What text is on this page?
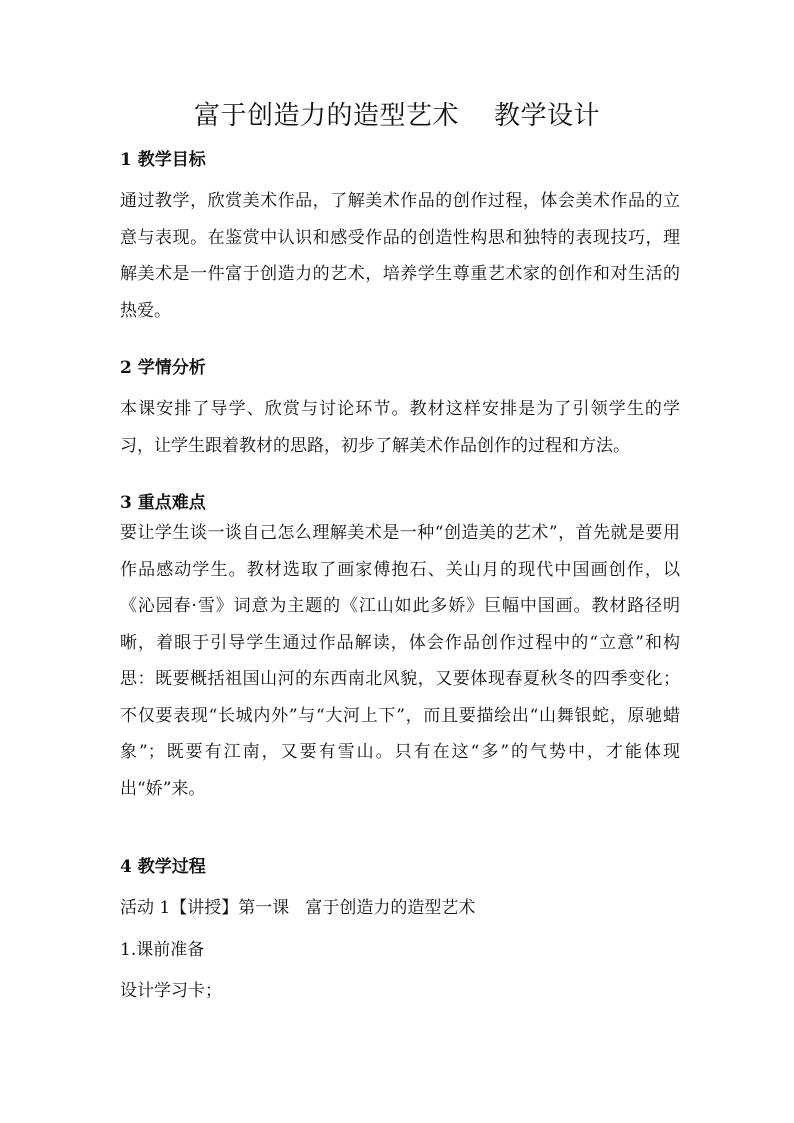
富于创造力的造型艺术    教学设计
1 教学目标
通过教学，欣赏美术作品，了解美术作品的创作过程，体会美术作品的立意与表现。在鉴赏中认识和感受作品的创造性构思和独特的表现技巧，理解美术是一件富于创造力的艺术，培养学生尊重艺术家的创作和对生活的热爱。
2 学情分析
本课安排了导学、欣赏与讨论环节。教材这样安排是为了引领学生的学习，让学生跟着教材的思路，初步了解美术作品创作的过程和方法。
3 重点难点
要让学生谈一谈自己怎么理解美术是一种“创造美的艺术”，首先就是要用作品感动学生。教材选取了画家傅抱石、关山月的现代中国画创作，以《沁园春·雪》词意为主题的《江山如此多娇》巨幅中国画。教材路径明晰，着眼于引导学生通过作品解读，体会作品创作过程中的“立意”和构思：既要概括祖国山河的东西南北风貌，又要体现春夏秋冬的四季变化；不仅要表现“长城内外”与“大河上下”，而且要描绘出“山舞银蛇，原驰蜡象”；既要有江南，又要有雪山。只有在这“多”的气势中，才能体现出“娇”来。
4 教学过程
活动 1【讲授】第一课   富于创造力的造型艺术
1.课前准备
设计学习卡；
